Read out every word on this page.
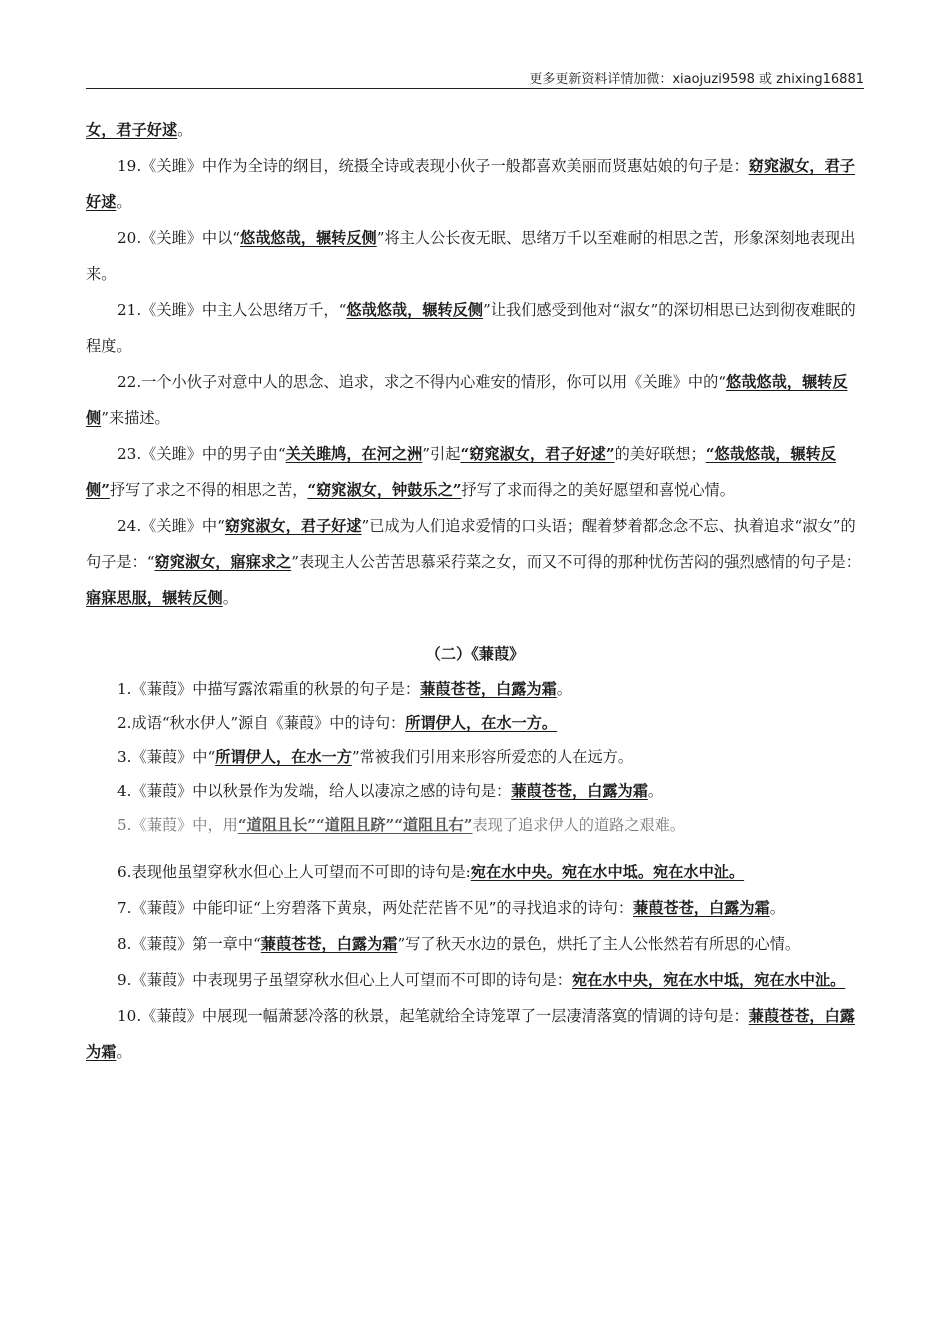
更多更新资料详情加微：xiaojuzi9598 或 zhixing16881

女，君子好逑。

19.《关雎》中作为全诗的纲目，统摄全诗或表现小伙子一般都喜欢美丽而贤惠姑娘的句子是：窈窕淑女，君子好逑。

20.《关雎》中以“悠哉悠哉，辗转反侧”将主人公长夜无眠、思绪万千以至难耐的相思之苦，形象深刻地表现出来。

21.《关雎》中主人公思绪万千，“悠哉悠哉，辗转反侧”让我们感受到他对“淑女”的深切相思已达到彻夜难眠的程度。

22.一个小伙子对意中人的思念、追求，求之不得内心难安的情形，你可以用《关雎》中的“悠哉悠哉，辗转反侧”来描述。

23.《关雎》中的男子由“关关雎鸠，在河之洲”引起“窈窕淑女，君子好逑”的美好联想；“悠哉悠哉，辗转反侧”抒写了求之不得的相思之苦，“窈窕淑女，钟鼓乐之”抒写了求而得之的美好愿望和喜悦心情。

24.《关雎》中“窈窕淑女，君子好逑”已成为人们追求爱情的口头语；醒着梦着都念念不忘、执着追求“淑女”的句子是：“窈窕淑女，寤寐求之”表现主人公苦苦思慕采荇菜之女，而又不可得的那种忧伤苦闷的强烈感情的句子是：寤寐思服，辗转反侧。

（二）《蒹葭》

1.《蒹葭》中描写露浓霜重的秋景的句子是：蒹葭苍苍，白露为霜。

2.成语“秋水伊人”源自《蒹葭》中的诗句：所谓伊人，在水一方。

3.《蒹葭》中“所谓伊人，在水一方”常被我们引用来形容所爱恋的人在远方。

4.《蒹葭》中以秋景作为发端，给人以凄凉之感的诗句是：蒹葭苍苍，白露为霜。

5.《蒹葭》中，用“道阻且长”“道阻且跻”“道阻且右”表现了追求伊人的道路之艰难。

6.表现他虽望穿秋水但心上人可望而不可即的诗句是:宛在水中央。宛在水中坻。宛在水中沚。

7.《蒹葭》中能印证“上穷碧落下黄泉，两处茫茫皆不见”的寻找追求的诗句：蒹葭苍苍，白露为霜。

8.《蒹葭》第一章中“蒹葭苍苍，白露为霜”写了秋天水边的景色，烘托了主人公怅然若有所思的心情。

9.《蒹葭》中表现男子虽望穿秋水但心上人可望而不可即的诗句是：宛在水中央，宛在水中坻，宛在水中沚。

10.《蒹葭》中展现一幅萧瑟冷落的秋景，起笔就给全诗笼罩了一层凄清落寞的情调的诗句是：蒹葭苍苍，白露为霜。
